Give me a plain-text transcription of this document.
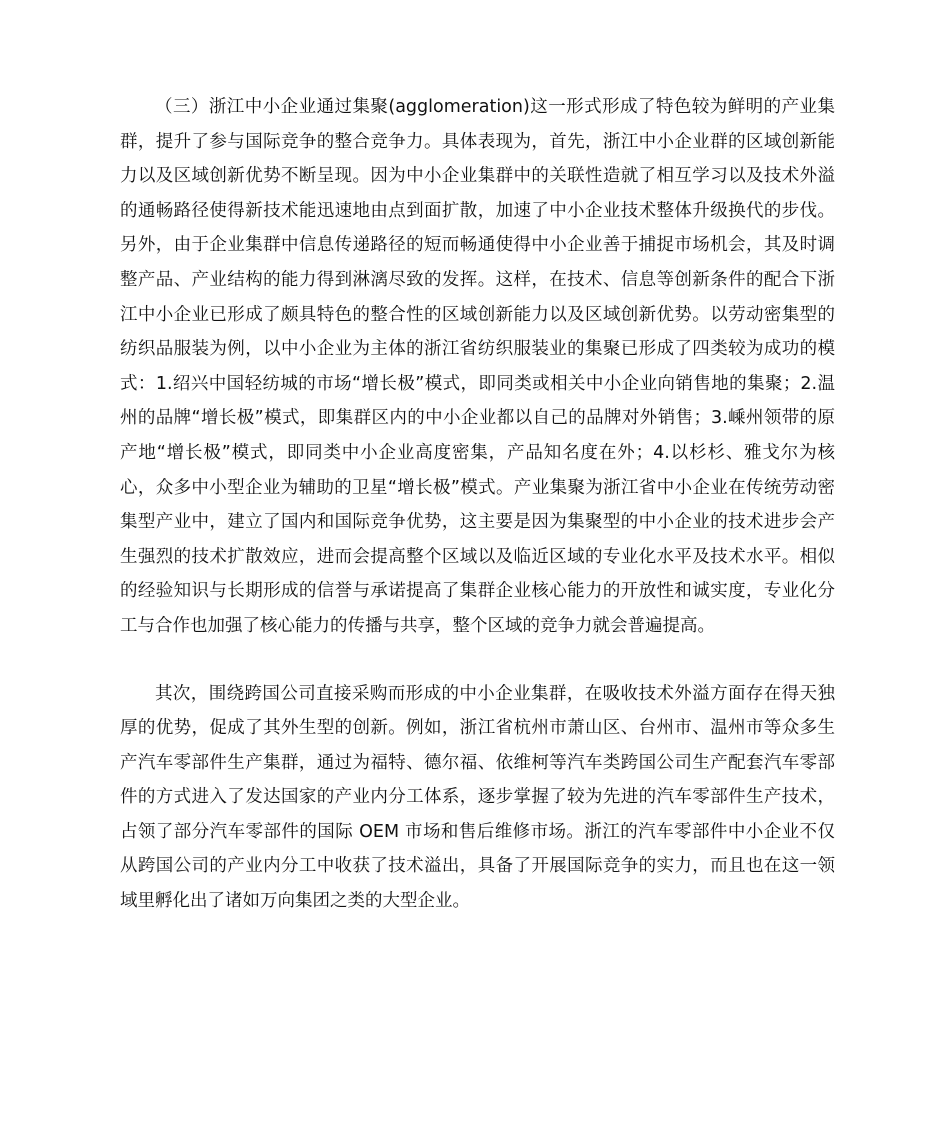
（三）浙江中小企业通过集聚(agglomeration)这一形式形成了特色较为鲜明的产业集群，提升了参与国际竞争的整合竞争力。具体表现为，首先，浙江中小企业群的区域创新能力以及区域创新优势不断呈现。因为中小企业集群中的关联性造就了相互学习以及技术外溢的通畅路径使得新技术能迅速地由点到面扩散，加速了中小企业技术整体升级换代的步伐。另外，由于企业集群中信息传递路径的短而畅通使得中小企业善于捕捉市场机会，其及时调整产品、产业结构的能力得到淋漓尽致的发挥。这样，在技术、信息等创新条件的配合下浙江中小企业已形成了颇具特色的整合性的区域创新能力以及区域创新优势。以劳动密集型的纺织品服装为例，以中小企业为主体的浙江省纺织服装业的集聚已形成了四类较为成功的模式：1.绍兴中国轻纺城的市场“增长极”模式，即同类或相关中小企业向销售地的集聚；2.温州的品牌“增长极”模式，即集群区内的中小企业都以自己的品牌对外销售；3.嵊州领带的原产地“增长极”模式，即同类中小企业高度密集，产品知名度在外；4.以杉杉、雅戈尔为核心，众多中小型企业为辅助的卫星“增长极”模式。产业集聚为浙江省中小企业在传统劳动密集型产业中，建立了国内和国际竞争优势，这主要是因为集聚型的中小企业的技术进步会产生强烈的技术扩散效应，进而会提高整个区域以及临近区域的专业化水平及技术水平。相似的经验知识与长期形成的信誉与承诺提高了集群企业核心能力的开放性和诚实度，专业化分工与合作也加强了核心能力的传播与共享，整个区域的竞争力就会普遍提高。

其次，围绕跨国公司直接采购而形成的中小企业集群，在吸收技术外溢方面存在得天独厚的优势，促成了其外生型的创新。例如，浙江省杭州市萧山区、台州市、温州市等众多生产汽车零部件生产集群，通过为福特、德尔福、依维柯等汽车类跨国公司生产配套汽车零部件的方式进入了发达国家的产业内分工体系，逐步掌握了较为先进的汽车零部件生产技术，占领了部分汽车零部件的国际 OEM 市场和售后维修市场。浙江的汽车零部件中小企业不仅从跨国公司的产业内分工中收获了技术溢出，具备了开展国际竞争的实力，而且也在这一领域里孵化出了诸如万向集团之类的大型企业。
